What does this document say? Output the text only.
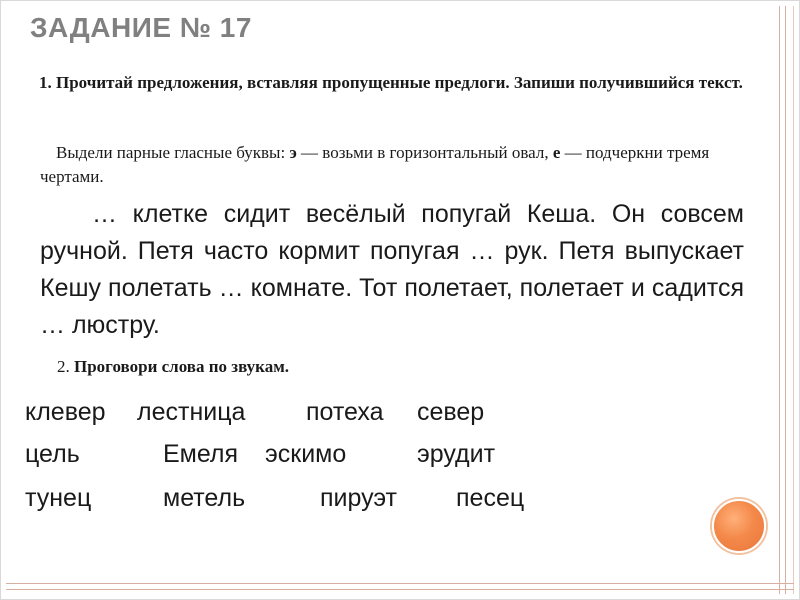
ЗАДАНИЕ № 17
1. Прочитай предложения, вставляя пропущенные предлоги. Запиши получившийся текст.
Выдели парные гласные буквы: э — возьми в горизонтальный овал, е — подчеркни тремя чертами.
… клетке сидит весёлый попугай Кеша. Он совсем ручной. Петя часто кормит попугая … рук. Петя выпускает Кешу полетать … комнате. Тот полетает, полетает и садится … люстру.
2. Проговори слова по звукам.
клевер лестница потеха север
цель	Емеля эскимо	эрудит
тунец	метель	пируэт песец
